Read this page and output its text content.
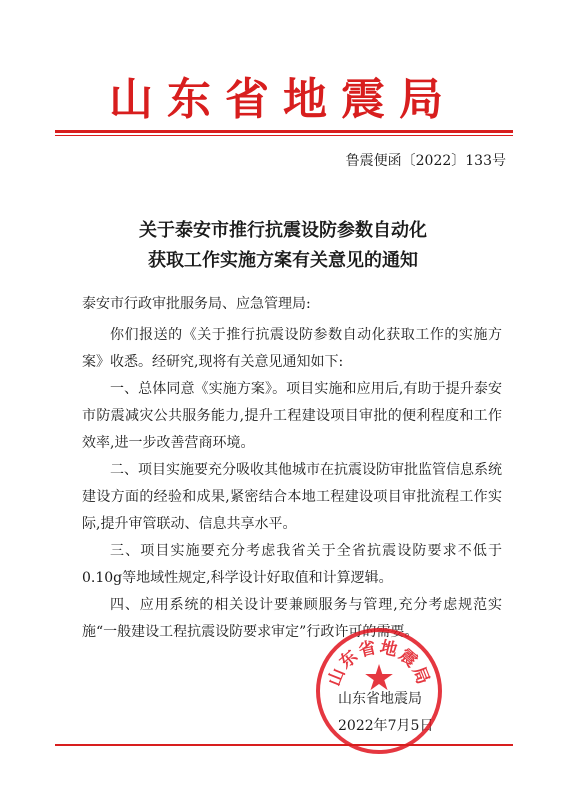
山东省地震局
鲁震便函〔2022〕133号
关于泰安市推行抗震设防参数自动化
获取工作实施方案有关意见的通知
泰安市行政审批服务局、应急管理局:

你们报送的《关于推行抗震设防参数自动化获取工作的实施方案》收悉。经研究,现将有关意见通知如下:

一、总体同意《实施方案》。项目实施和应用后,有助于提升泰安市防震减灾公共服务能力,提升工程建设项目审批的便利程度和工作效率,进一步改善营商环境。

二、项目实施要充分吸收其他城市在抗震设防审批监管信息系统建设方面的经验和成果,紧密结合本地工程建设项目审批流程工作实际,提升审管联动、信息共享水平。

三、项目实施要充分考虑我省关于全省抗震设防要求不低于0.10g等地域性规定,科学设计好取值和计算逻辑。

四、应用系统的相关设计要兼顾服务与管理,充分考虑规范实施“一般建设工程抗震设防要求审定”行政许可的需要。

山东省地震局
2022年7月5日
山东省地震局
★
